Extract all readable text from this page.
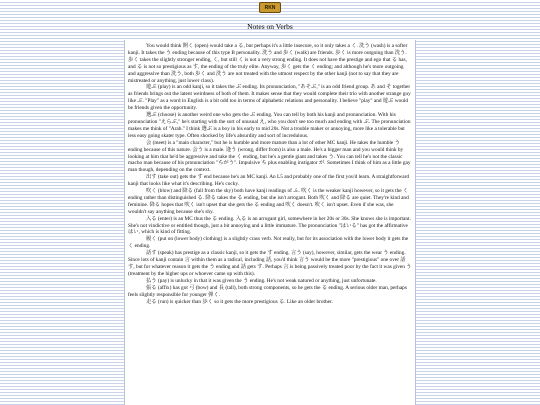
RKN
Notes on Verbs

You would think 開く (open) would take a る, but perhaps it's a little insecure, so it only takes a く. 洗う (wash) is a softer kanji. It takes the う ending because of this type B personality. 洗う and 歩く (walk) are friends. 歩く is more outgoing than 洗う. 歩く takes the slightly stronger ending, く, but still く is not a very strong ending. It does not have the prestige and ego that る has, and る is not so prestigious as す, the ending of the truly elite. Anyway, 歩く gets the く ending; and although he's more outgoing and aggressive than 洗う, both 歩く and 洗う are not treated with the utmost respect by the other kanji (not to say that they are mistreated or anything, just lower class).

遊ぶ (play) is an odd kanji, so it takes the ぶ ending. Its pronunciation, "あそぶ," is an odd friend group. あ and そ together as friends brings out the latent weirdness of both of them. It makes sense that they would complete their trio with another strange guy like ぶ. "Play" as a word in English is a bit odd too in terms of alphabetic relations and personality. I believe "play" and 遊ぶ would be friends given the opportunity.

選ぶ (choose) is another weird one who gets the ぶ ending. You can tell by both his kanji and pronunciation. With his pronunciation "えらぶ," he's starting with the sort of unusual え, who you don't see too much and ending with ぶ. The pronunciation makes me think of "Arab." I think 選ぶ is a boy in his early to mid 20s. Not a trouble maker or annoying, more like a tolerable but less easy going skater type. Often shocked by life's absurdity and sort of incredulous.

会 (meet) is a "main character," but he is humble and more mature than a lot of other MC kanji. He takes the humble う ending because of this nature. 会う is a male. 逢う (wrong, differ from) is also a male. He's a bigger man and you would think by looking at him that he'd be aggressive and take the く ending, but he's a gentle giant and takes う. You can tell he's not the classic macho man because of his pronunciation "ちがう". Impulsive ち plus enabling instigator が. Sometimes I think of him as a little gay man though, depending on the context.

出す (take out) gets the す end because he's an MC kanji. An L5 and probably one of the first you'd learn. A straightforward kanji that looks like what it's describing. He's cocky.

吹く (blow) and 降る (fall from the sky) both have kanji readings of ふ. 吹く is the weaker kanji however, so it gets the く ending rather than distinguished る. 降る takes the る ending, but she isn't arrogant. Both 吹く and 降る are quiet. They're kind and feminine. 降る hopes that 吹く isn't upset that she gets the る ending and 吹く doesn't. 吹く isn't upset. Even if she was, she wouldn't say anything because she's shy.

入る (enter) is an MC thus the る ending. 入る is an arrogant girl, somewhere in her 20s or 30s. She knows she is important. She's not vindictive or entitled though, just a bit annoying and a little immature. The pronunciation "はいる" has got the affirmative はい, which is kind of fitting.

履く (put on (lower body) clothing) is a slightly crass verb. Not really, but for its association with the lower body it gets the く ending.

話す (speak) has prestige as a classic kanji, so it gets the す ending. 言う (say), however, similar, gets the wear う ending. Since lots of kanji contain 言 within them as a radical, including 話, you'd think 言う would be the more "prestigious" one over 話す, but for whatever reason it gets the う ending and 話 gets す. Perhaps 言 is being passively treated poor by the fact it was given う (treatment by the higher ups or whoever came up with this).

払う (pay) is unlucky in that it was given the う ending. He's not weak natured or anything, just unfortunate.

張る (affix) has got 弓 (bow) and 長 (tall), both strong components, so he gets the る ending. A serious older man, perhaps feels slightly responsible for younger 弾く.

走る (run) is quicker than 歩く so it gets the more prestigious る. Like an older brother.
